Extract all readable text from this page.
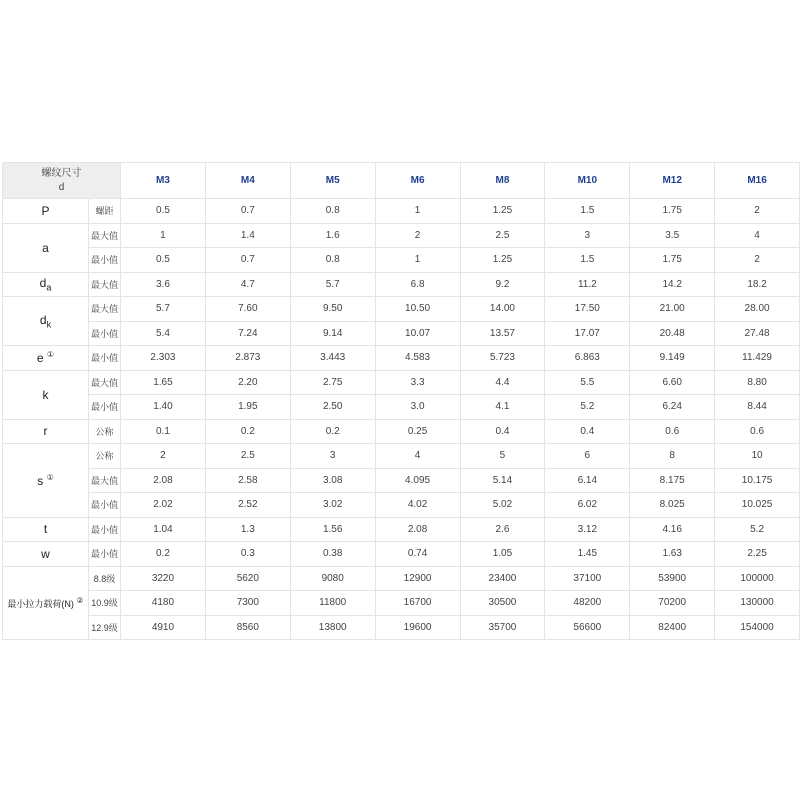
螺纹尺寸
d		M3	M4	M5	M6	M8	M10	M12	M16
P	螺距	0.5	0.7	0.8	1	1.25	1.5	1.75	2
a	最大值	1	1.4	1.6	2	2.5	3	3.5	4
	最小值	0.5	0.7	0.8	1	1.25	1.5	1.75	2
$d_a$	最大值	3.6	4.7	5.7	6.8	9.2	11.2	14.2	18.2
$d_k$	最大值	5.7	7.60	9.50	10.50	14.00	17.50	21.00	28.00
	最小值	5.4	7.24	9.14	10.07	13.57	17.07	20.48	27.48
e ①	最小值	2.303	2.873	3.443	4.583	5.723	6.863	9.149	11.429
k	最大值	1.65	2.20	2.75	3.3	4.4	5.5	6.60	8.80
	最小值	1.40	1.95	2.50	3.0	4.1	5.2	6.24	8.44
r	公称	0.1	0.2	0.2	0.25	0.4	0.4	0.6	0.6
s ①	公称	2	2.5	3	4	5	6	8	10
	最大值	2.08	2.58	3.08	4.095	5.14	6.14	8.175	10.175
	最小值	2.02	2.52	3.02	4.02	5.02	6.02	8.025	10.025
t	最小值	1.04	1.3	1.56	2.08	2.6	3.12	4.16	5.2
w	最小值	0.2	0.3	0.38	0.74	1.05	1.45	1.63	2.25
最小拉力载荷(N) ②	8.8级	3220	5620	9080	12900	23400	37100	53900	100000
	10.9级	4180	7300	11800	16700	30500	48200	70200	130000
	12.9级	4910	8560	13800	19600	35700	56600	82400	154000
